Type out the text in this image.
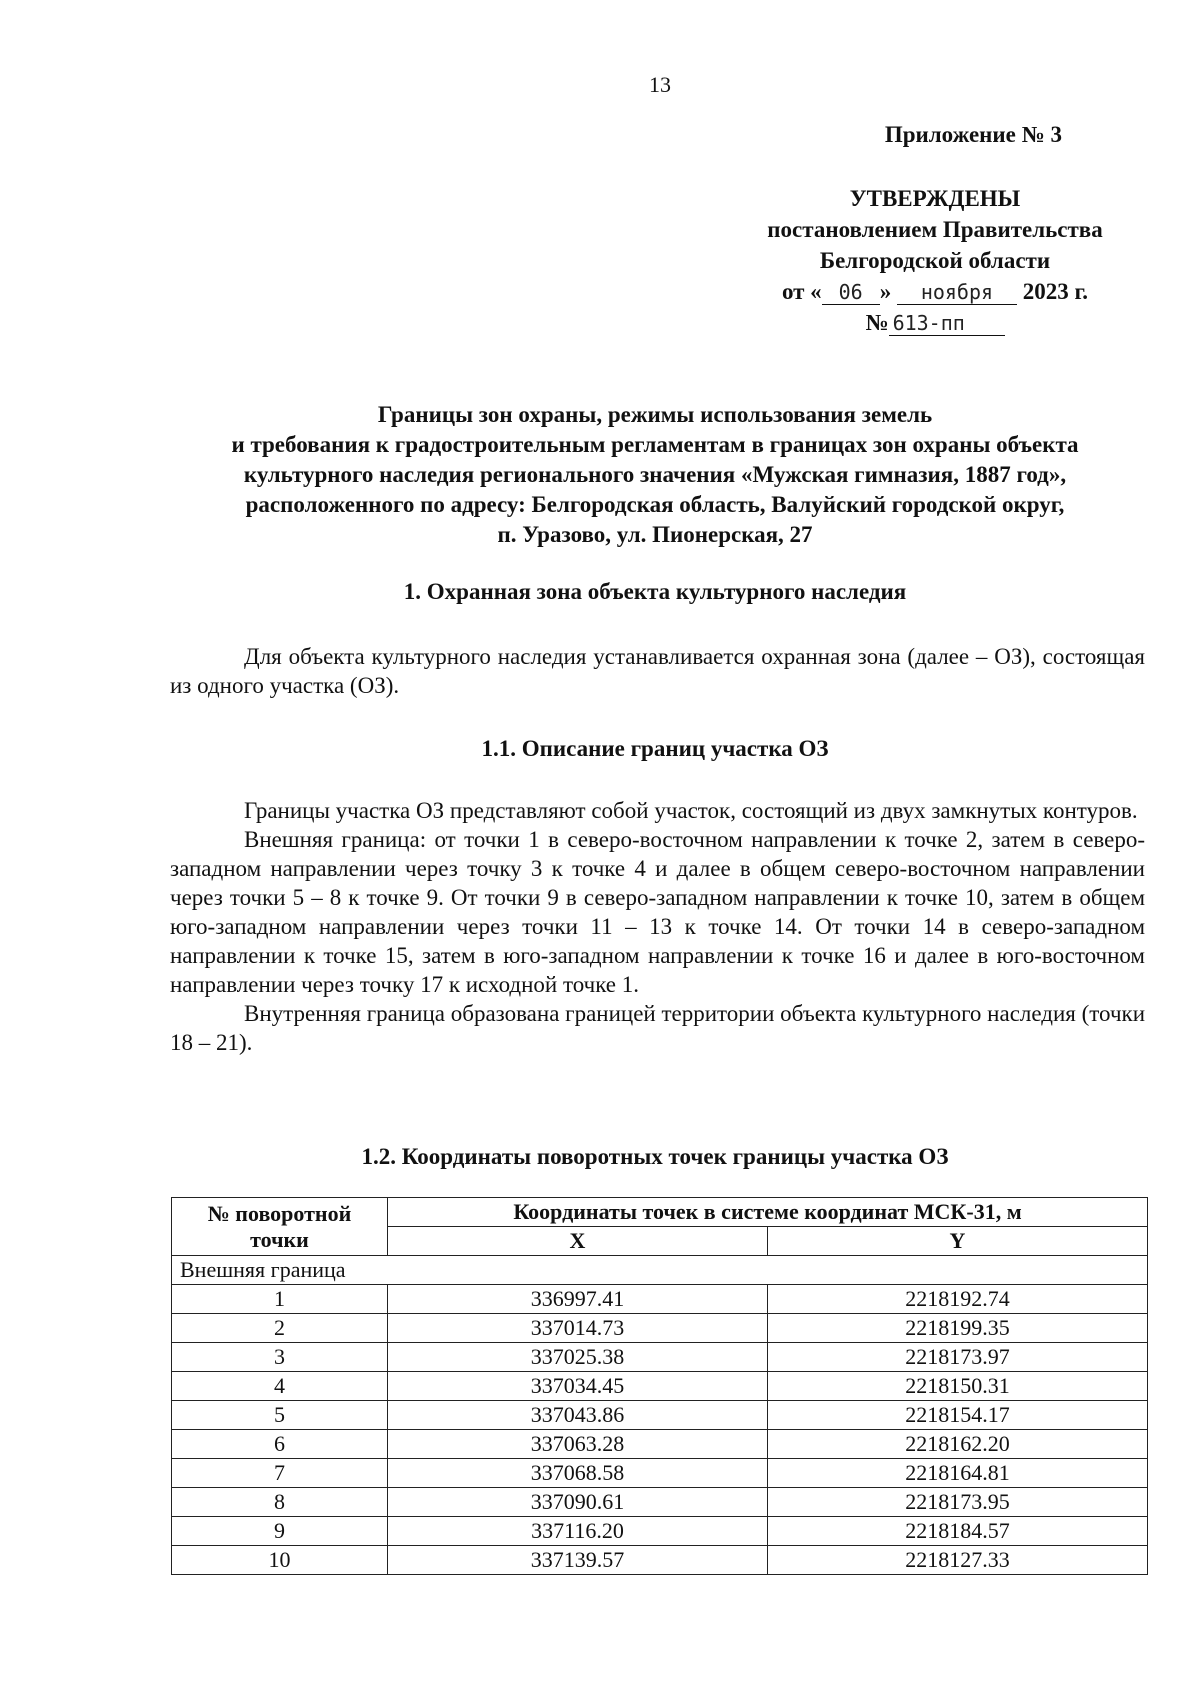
13
Приложение № 3
УТВЕРЖДЕНЫ
постановлением Правительства
Белгородской области
от « 06 » ноября 2023 г.
№ 613-пп
Границы зон охраны, режимы использования земель
и требования к градостроительным регламентам в границах зон охраны объекта
культурного наследия регионального значения «Мужская гимназия, 1887 год»,
расположенного по адресу: Белгородская область, Валуйский городской округ,
п. Уразово, ул. Пионерская, 27
1. Охранная зона объекта культурного наследия

Для объекта культурного наследия устанавливается охранная зона (далее – ОЗ), состоящая из одного участка (ОЗ).

1.1. Описание границ участка ОЗ

Границы участка ОЗ представляют собой участок, состоящий из двух замкнутых контуров.

Внешняя граница: от точки 1 в северо-восточном направлении к точке 2, затем в северо-западном направлении через точку 3 к точке 4 и далее в общем северо-восточном направлении через точки 5 – 8 к точке 9. От точки 9 в северо-западном направлении к точке 10, затем в общем юго-западном направлении через точки 11 – 13 к точке 14. От точки 14 в северо-западном направлении к точке 15, затем в юго-западном направлении к точке 16 и далее в юго-восточном направлении через точку 17 к исходной точке 1.

Внутренняя граница образована границей территории объекта культурного наследия (точки 18 – 21).

1.2. Координаты поворотных точек границы участка ОЗ
№ поворотной точки	Координаты точек в системе координат МСК-31, м	
	X	Y
Внешняя граница		
1	336997.41	2218192.74
2	337014.73	2218199.35
3	337025.38	2218173.97
4	337034.45	2218150.31
5	337043.86	2218154.17
6	337063.28	2218162.20
7	337068.58	2218164.81
8	337090.61	2218173.95
9	337116.20	2218184.57
10	337139.57	2218127.33
